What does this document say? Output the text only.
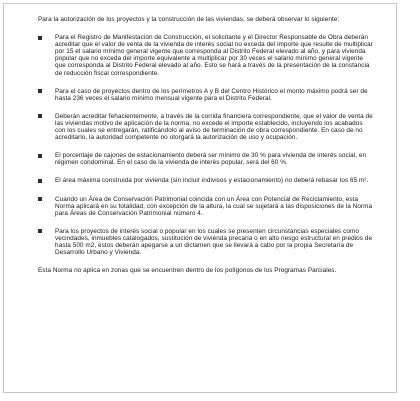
Para la autorización de los proyectos y la construcción de las viviendas, se deberá observar lo siguiente:

Para el Registro de Manifestación de Construcción, el solicitante y el Director Responsable de Obra deberán acreditar que el valor de venta de la vivienda de interés social no exceda del importe que resulte de multiplicar por 15 el salario mínimo general vigente que corresponda al Distrito Federal elevado al año, y para vivienda popular que no exceda del importe equivalente a multiplicar por 30 veces el salario mínimo general vigente que corresponda al Distrito Federal elevado al año. Esto se hará a través de la presentación de la constancia de reducción fiscal correspondiente.
Para el caso de proyectos dentro de los perímetros A y B del Centro Histórico el monto máximo podrá ser de hasta 236 veces el salario mínimo mensual vigente para el Distrito Federal.
Deberán acreditar fehacientemente, a través de la corrida financiera correspondiente, que el valor de venta de las viviendas motivo de aplicación de la norma, no excede el importe establecido, incluyendo los acabados con los cuales se entregarán, ratificándolo al aviso de terminación de obra correspondiente. En caso de no acreditarlo, la autoridad competente no otorgará la autorización de uso y ocupación.
El porcentaje de cajones de estacionamiento deberá ser mínimo de 30 % para vivienda de interés social, en régimen condominal. En el caso de la vivienda de interés popular, será del 60 %.
El área máxima construida por vivienda (sin incluir indivisos y estacionamiento) no deberá rebasar los 65 m².
Cuando un Área de Conservación Patrimonial coincida con un Área con Potencial de Reciclamiento, esta Norma aplicará en su totalidad, con excepción de la altura, la cual se sujetará a las disposiciones de la Norma para Áreas de Conservación Patrimonial número 4.
Para los proyectos de interés social o popular en los cuales se presenten circunstancias especiales como vecindades, inmuebles catalogados, sustitución de vivienda precaria o en alto riesgo estructural en predios de hasta 500 m2, éstos deberán apegarse a un dictamen que se llevará a cabo por la propia Secretaría de Desarrollo Urbano y Vivienda.

Esta Norma no aplica en zonas que se encuentren dentro de los polígonos de los Programas Parciales.
